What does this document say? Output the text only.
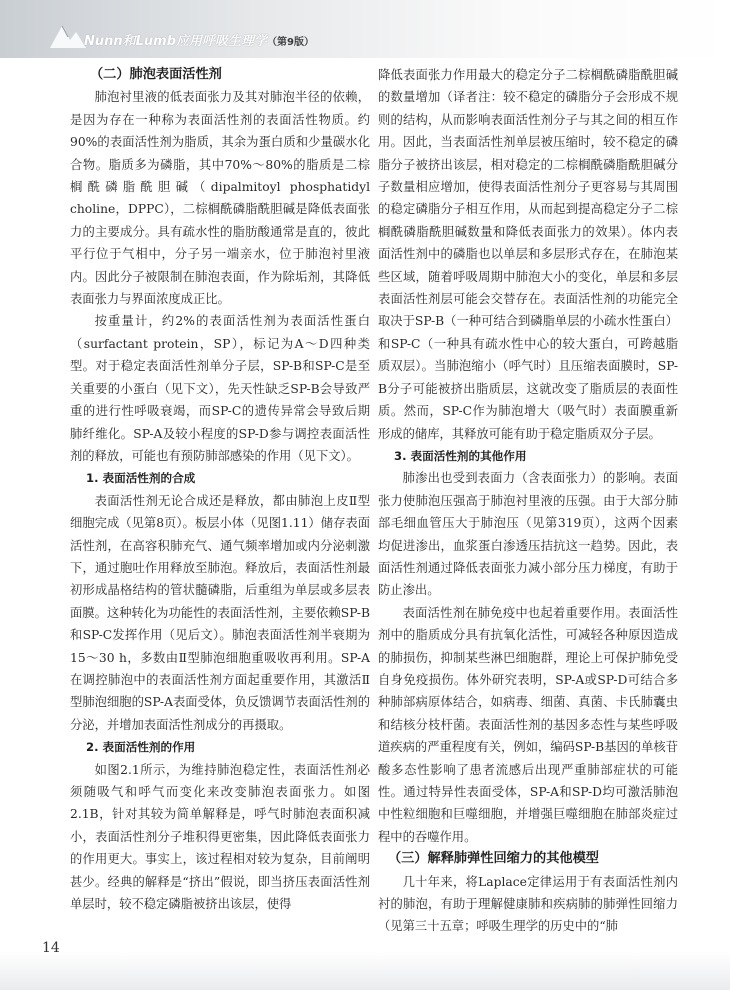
Nunn和Lumb应用呼吸生理学（第9版）
（二）肺泡表面活性剂

肺泡衬里液的低表面张力及其对肺泡半径的依赖，是因为存在一种称为表面活性剂的表面活性物质。约90%的表面活性剂为脂质，其余为蛋白质和少量碳水化合物。脂质多为磷脂，其中70%～80%的脂质是二棕榈酰磷脂酰胆碱（dipalmitoyl phosphatidyl choline，DPPC），二棕榈酰磷脂酰胆碱是降低表面张力的主要成分。具有疏水性的脂肪酸通常是直的，彼此平行位于气相中，分子另一端亲水，位于肺泡衬里液内。因此分子被限制在肺泡表面，作为除垢剂，其降低表面张力与界面浓度成正比。

按重量计，约2%的表面活性剂为表面活性蛋白（surfactant protein，SP），标记为A～D四种类型。对于稳定表面活性剂单分子层，SP-B和SP-C是至关重要的小蛋白（见下文），先天性缺乏SP-B会导致严重的进行性呼吸衰竭，而SP-C的遗传异常会导致后期肺纤维化。SP-A及较小程度的SP-D参与调控表面活性剂的释放，可能也有预防肺部感染的作用（见下文）。

1. 表面活性剂的合成

表面活性剂无论合成还是释放，都由肺泡上皮Ⅱ型细胞完成（见第8页）。板层小体（见图1.11）储存表面活性剂，在高容积肺充气、通气频率增加或内分泌刺激下，通过胞吐作用释放至肺泡。释放后，表面活性剂最初形成晶格结构的管状髓磷脂，后重组为单层或多层表面膜。这种转化为功能性的表面活性剂，主要依赖SP-B和SP-C发挥作用（见后文）。肺泡表面活性剂半衰期为15～30 h，多数由Ⅱ型肺泡细胞重吸收再利用。SP-A在调控肺泡中的表面活性剂方面起重要作用，其激活Ⅱ型肺泡细胞的SP-A表面受体，负反馈调节表面活性剂的分泌，并增加表面活性剂成分的再摄取。

2. 表面活性剂的作用

如图2.1所示，为维持肺泡稳定性，表面活性剂必须随吸气和呼气而变化来改变肺泡表面张力。如图2.1B，针对其较为简单解释是，呼气时肺泡表面积减小，表面活性剂分子堆积得更密集，因此降低表面张力的作用更大。事实上，该过程相对较为复杂，目前阐明甚少。经典的解释是“挤出”假说，即当挤压表面活性剂单层时，较不稳定磷脂被挤出该层，使得

降低表面张力作用最大的稳定分子二棕榈酰磷脂酰胆碱的数量增加（译者注：较不稳定的磷脂分子会形成不规则的结构，从而影响表面活性剂分子与其之间的相互作用。因此，当表面活性剂单层被压缩时，较不稳定的磷脂分子被挤出该层，相对稳定的二棕榈酰磷脂酰胆碱分子数量相应增加，使得表面活性剂分子更容易与其周围的稳定磷脂分子相互作用，从而起到提高稳定分子二棕榈酰磷脂酰胆碱数量和降低表面张力的效果）。体内表面活性剂中的磷脂也以单层和多层形式存在，在肺泡某些区域，随着呼吸周期中肺泡大小的变化，单层和多层表面活性剂层可能会交替存在。表面活性剂的功能完全取决于SP-B（一种可结合到磷脂单层的小疏水性蛋白）和SP-C（一种具有疏水性中心的较大蛋白，可跨越脂质双层）。当肺泡缩小（呼气时）且压缩表面膜时，SP-B分子可能被挤出脂质层，这就改变了脂质层的表面性质。然而，SP-C作为肺泡增大（吸气时）表面膜重新形成的储库，其释放可能有助于稳定脂质双分子层。

3. 表面活性剂的其他作用

肺渗出也受到表面力（含表面张力）的影响。表面张力使肺泡压强高于肺泡衬里液的压强。由于大部分肺部毛细血管压大于肺泡压（见第319页），这两个因素均促进渗出，血浆蛋白渗透压拮抗这一趋势。因此，表面活性剂通过降低表面张力减小部分压力梯度，有助于防止渗出。

表面活性剂在肺免疫中也起着重要作用。表面活性剂中的脂质成分具有抗氧化活性，可减轻各种原因造成的肺损伤，抑制某些淋巴细胞群，理论上可保护肺免受自身免疫损伤。体外研究表明，SP-A或SP-D可结合多种肺部病原体结合，如病毒、细菌、真菌、卡氏肺囊虫和结核分枝杆菌。表面活性剂的基因多态性与某些呼吸道疾病的严重程度有关，例如，编码SP-B基因的单核苷酸多态性影响了患者流感后出现严重肺部症状的可能性。通过特异性表面受体，SP-A和SP-D均可激活肺泡中性粒细胞和巨噬细胞，并增强巨噬细胞在肺部炎症过程中的吞噬作用。

（三）解释肺弹性回缩力的其他模型

几十年来，将Laplace定律运用于有表面活性剂内衬的肺泡，有助于理解健康肺和疾病肺的肺弹性回缩力（见第三十五章；呼吸生理学的历史中的“肺

14
